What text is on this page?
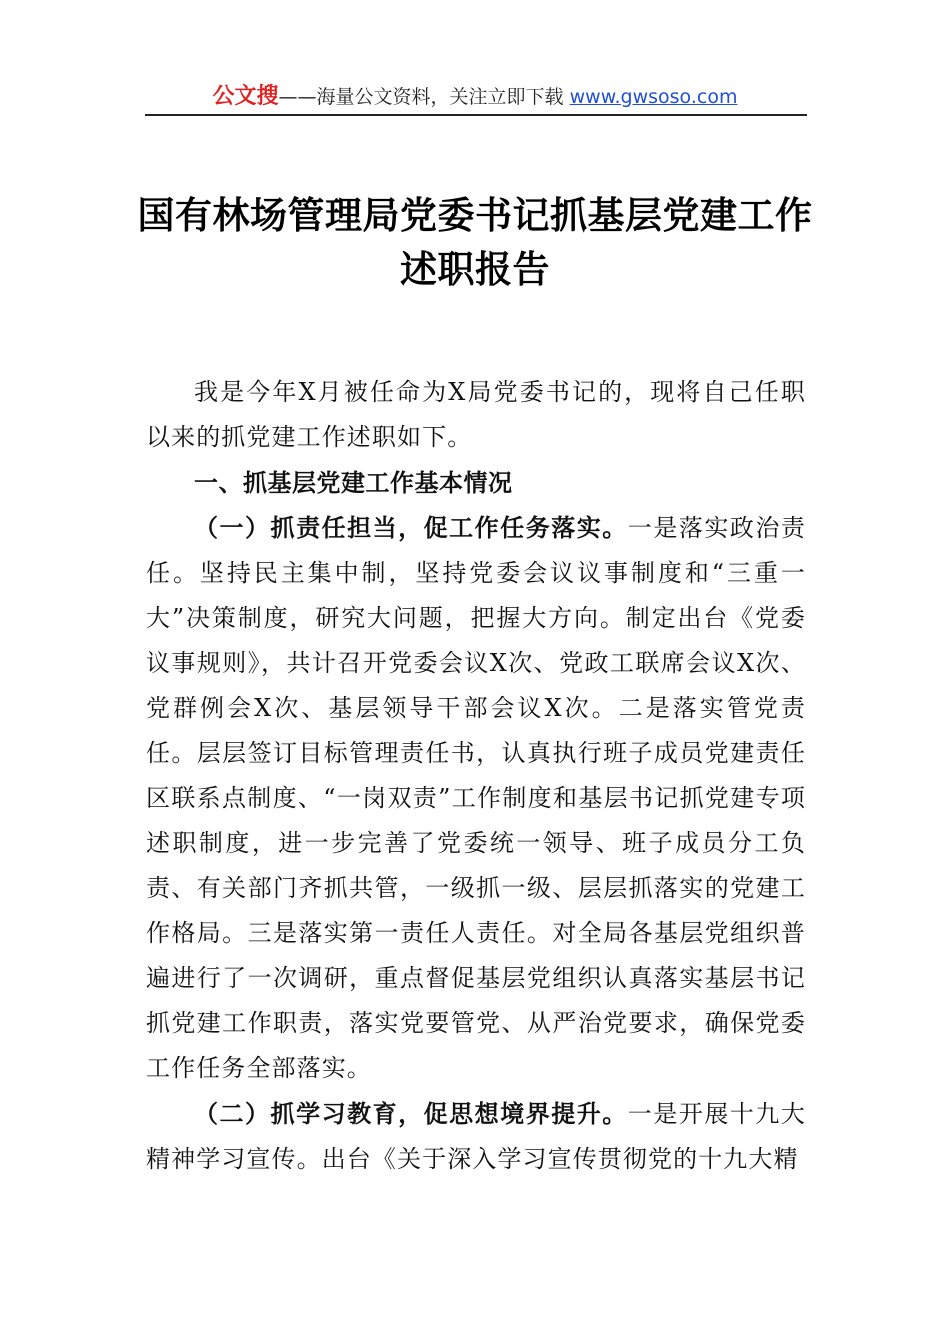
公文搜——海量公文资料，关注立即下载 www.gwsoso.com
国有林场管理局党委书记抓基层党建工作
述职报告

我是今年X月被任命为X局党委书记的，现将自己任职以来的抓党建工作述职如下。

一、抓基层党建工作基本情况

（一）抓责任担当，促工作任务落实。一是落实政治责任。坚持民主集中制，坚持党委会议议事制度和“三重一大”决策制度，研究大问题，把握大方向。制定出台《党委议事规则》，共计召开党委会议X次、党政工联席会议X次、党群例会X次、基层领导干部会议X次。二是落实管党责任。层层签订目标管理责任书，认真执行班子成员党建责任区联系点制度、“一岗双责”工作制度和基层书记抓党建专项述职制度，进一步完善了党委统一领导、班子成员分工负责、有关部门齐抓共管，一级抓一级、层层抓落实的党建工作格局。三是落实第一责任人责任。对全局各基层党组织普遍进行了一次调研，重点督促基层党组织认真落实基层书记抓党建工作职责，落实党要管党、从严治党要求，确保党委工作任务全部落实。

（二）抓学习教育，促思想境界提升。一是开展十九大精神学习宣传。出台《关于深入学习宣传贯彻党的十九大精
